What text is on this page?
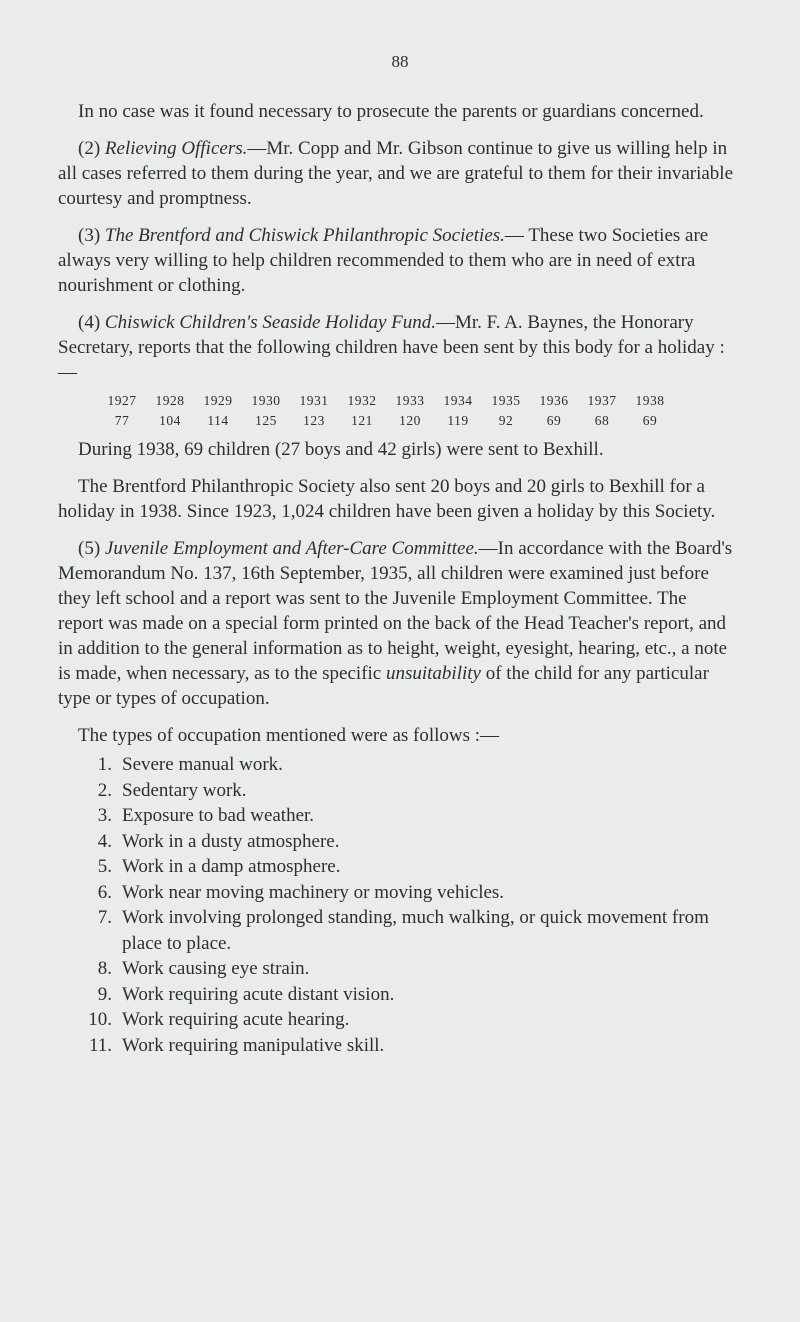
88

In no case was it found necessary to prosecute the parents or guardians concerned.

(2) Relieving Officers.—Mr. Copp and Mr. Gibson continue to give us willing help in all cases referred to them during the year, and we are grateful to them for their invariable courtesy and promptness.

(3) The Brentford and Chiswick Philanthropic Societies.— These two Societies are always very willing to help children recommended to them who are in need of extra nourishment or clothing.

(4) Chiswick Children's Seaside Holiday Fund.—Mr. F. A. Baynes, the Honorary Secretary, reports that the following children have been sent by this body for a holiday :—

1927	1928	1929	1930	1931	1932	1933	1934	1935	1936	1937	1938
77	104	114	125	123	121	120	119	92	69	68	69

During 1938, 69 children (27 boys and 42 girls) were sent to Bexhill.

The Brentford Philanthropic Society also sent 20 boys and 20 girls to Bexhill for a holiday in 1938. Since 1923, 1,024 children have been given a holiday by this Society.

(5) Juvenile Employment and After-Care Committee.—In accordance with the Board's Memorandum No. 137, 16th September, 1935, all children were examined just before they left school and a report was sent to the Juvenile Employment Committee. The report was made on a special form printed on the back of the Head Teacher's report, and in addition to the general information as to height, weight, eyesight, hearing, etc., a note is made, when necessary, as to the specific unsuitability of the child for any particular type or types of occupation.

The types of occupation mentioned were as follows :—

1. Severe manual work.
2. Sedentary work.
3. Exposure to bad weather.
4. Work in a dusty atmosphere.
5. Work in a damp atmosphere.
6. Work near moving machinery or moving vehicles.
7. Work involving prolonged standing, much walking, or quick movement from place to place.
8. Work causing eye strain.
9. Work requiring acute distant vision.
10. Work requiring acute hearing.
11. Work requiring manipulative skill.
